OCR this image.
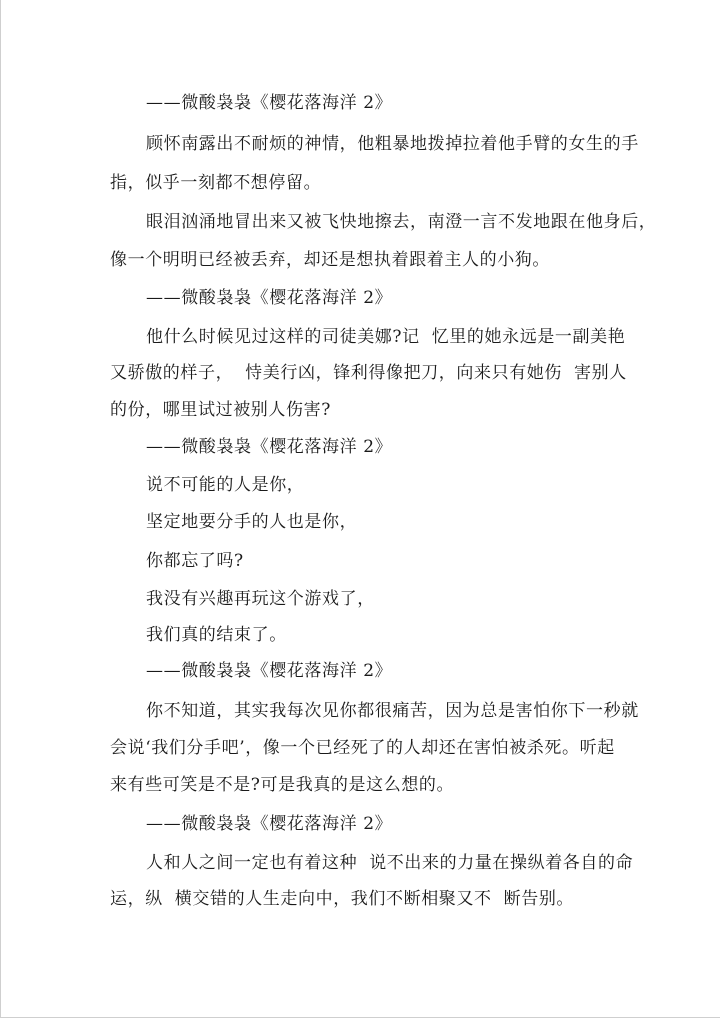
——微酸袅袅《樱花落海洋 2》
顾怀南露出不耐烦的神情，他粗暴地拨掉拉着他手臂的女生的手
指，似乎一刻都不想停留。
眼泪汹涌地冒出来又被飞快地擦去，南澄一言不发地跟在他身后，
像一个明明已经被丢弃，却还是想执着跟着主人的小狗。
——微酸袅袅《樱花落海洋 2》
他什么时候见过这样的司徒美娜?记  忆里的她永远是一副美艳
又骄傲的样子，  恃美行凶，锋利得像把刀，向来只有她伤  害别人
的份，哪里试过被别人伤害?
——微酸袅袅《樱花落海洋 2》
说不可能的人是你，
坚定地要分手的人也是你，
你都忘了吗?
我没有兴趣再玩这个游戏了，
我们真的结束了。
——微酸袅袅《樱花落海洋 2》
你不知道，其实我每次见你都很痛苦，因为总是害怕你下一秒就
会说‘我们分手吧’，像一个已经死了的人却还在害怕被杀死。听起
来有些可笑是不是?可是我真的是这么想的。
——微酸袅袅《樱花落海洋 2》
人和人之间一定也有着这种  说不出来的力量在操纵着各自的命
运，纵  横交错的人生走向中，我们不断相聚又不  断告别。
